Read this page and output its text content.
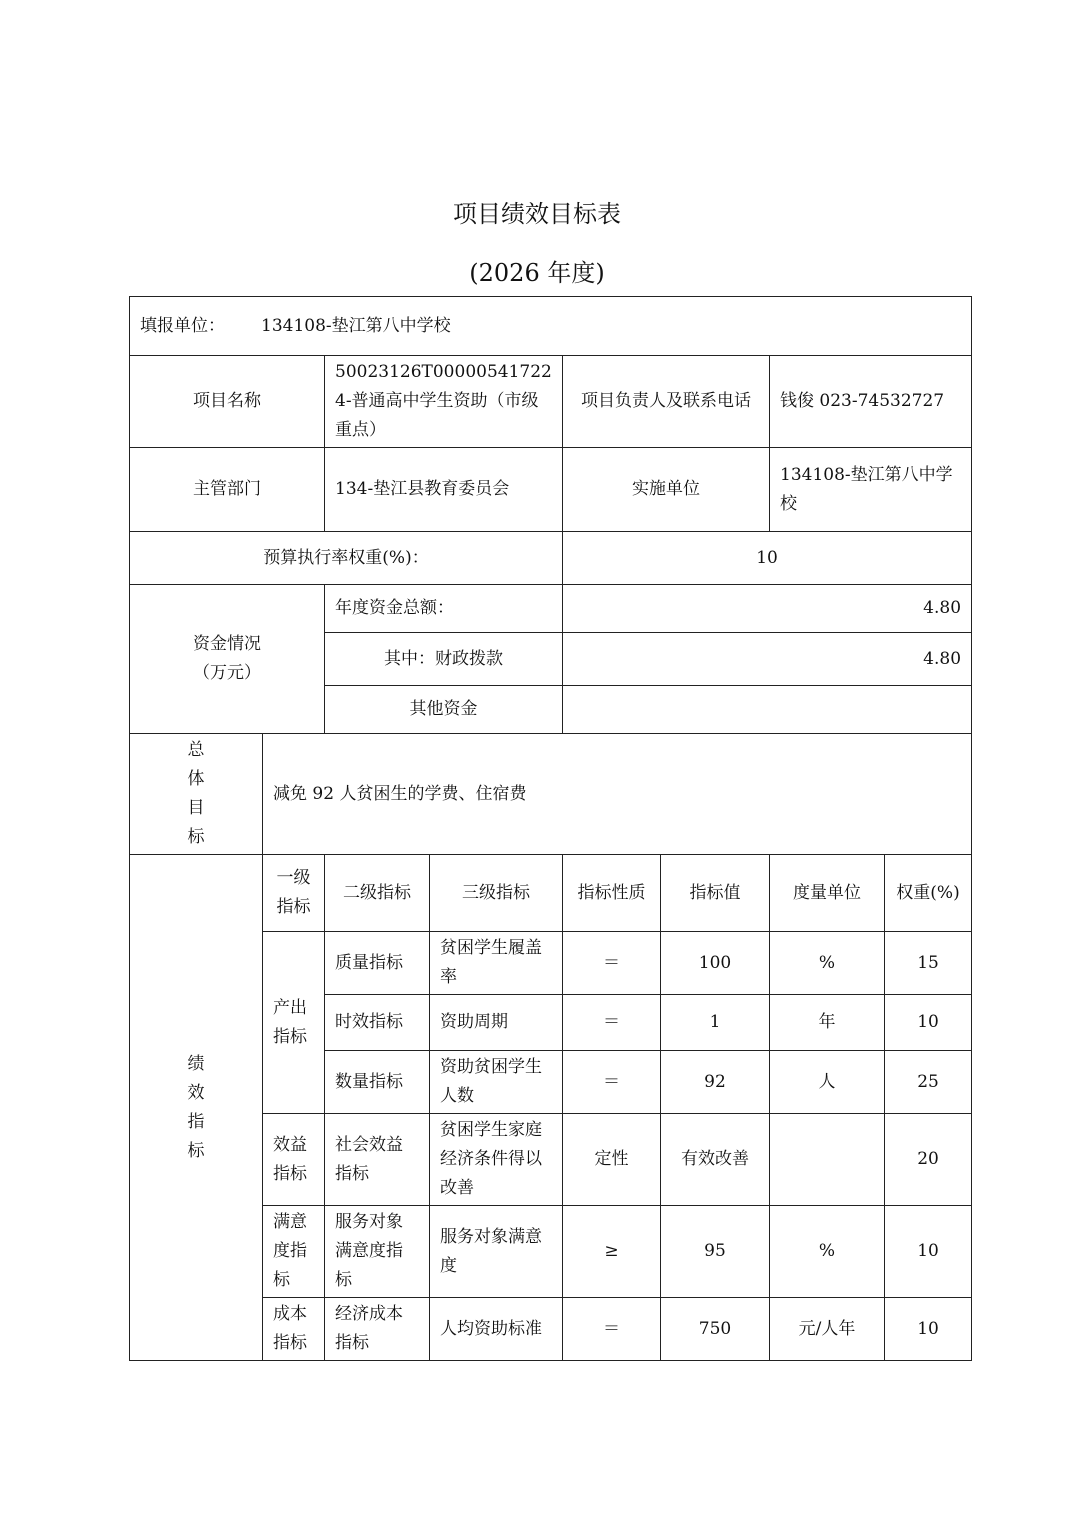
项目绩效目标表
(2026 年度)
填报单位： 134108-垫江第八中学校							
项目名称		50023126T000005417224-普通高中学生资助（市级重点）		项目负责人及联系电话		钱俊 023-74532727	
主管部门		134-垫江县教育委员会		实施单位		134108-垫江第八中学校	
预算执行率权重(%)：				10			

资金情况
（万元）		年度资金总额：		4.80			
		其中：财政拨款		4.80			
		其他资金					

总
体
目
标	减免 92 人贫困生的学费、住宿费						

绩
效
指
标	一级指标	二级指标	三级指标	指标性质	指标值	度量单位	权重(%)
	产出指标	质量指标	贫困学生履盖率	＝	100	%	15
		时效指标	资助周期	＝	1	年	10
		数量指标	资助贫困学生人数	＝	92	人	25
	效益指标	社会效益指标	贫困学生家庭经济条件得以改善	定性	有效改善		20
	满意度指标	服务对象满意度指标	服务对象满意度	≥	95	%	10
	成本指标	经济成本指标	人均资助标准	＝	750	元/人年	10
